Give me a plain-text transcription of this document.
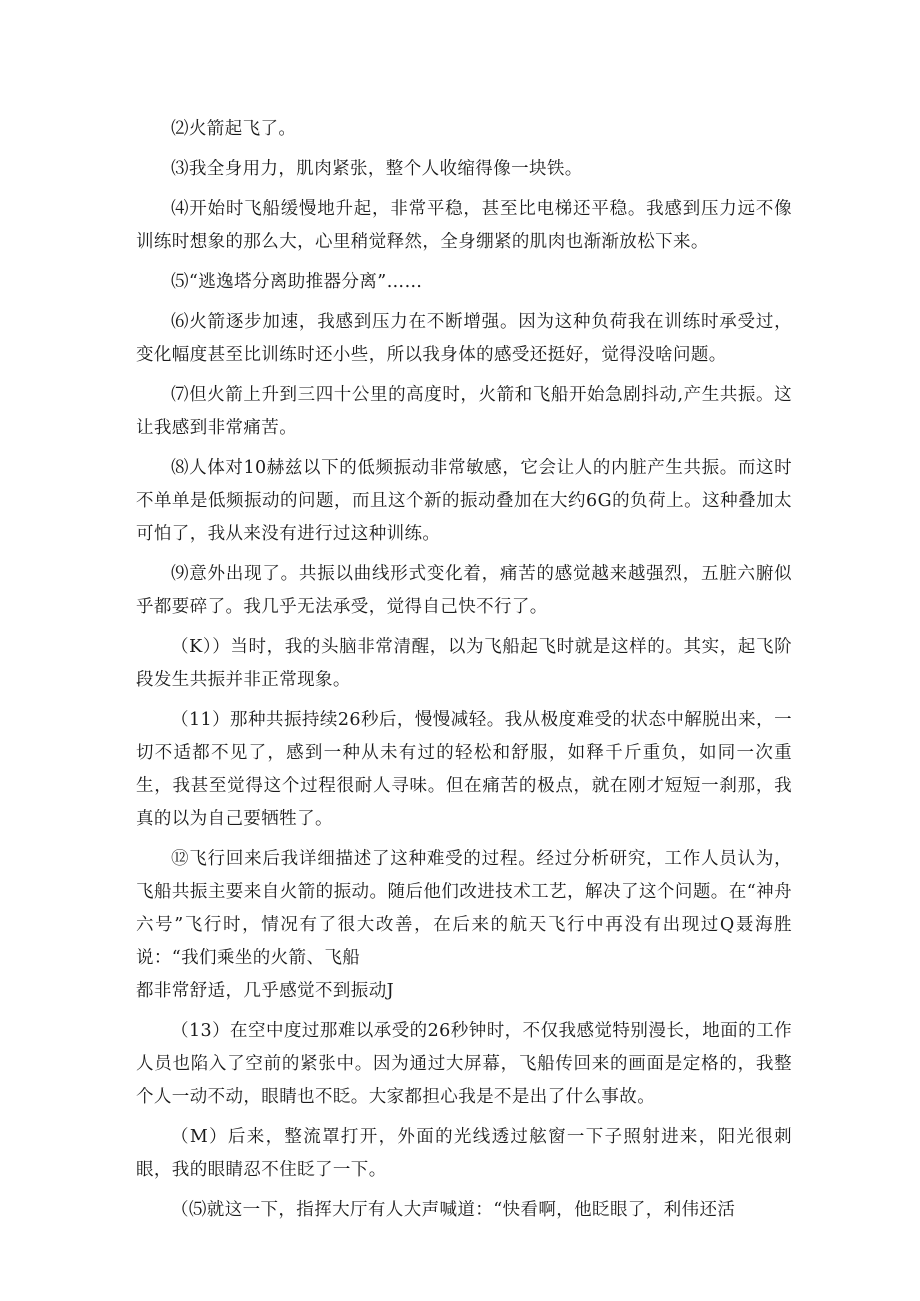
⑵火箭起飞了。

⑶我全身用力，肌肉紧张，整个人收缩得像一块铁。

⑷开始时飞船缓慢地升起，非常平稳，甚至比电梯还平稳。我感到压力远不像训练时想象的那么大，心里稍觉释然，全身绷紧的肌肉也渐渐放松下来。

⑸“逃逸塔分离助推器分离”……

⑹火箭逐步加速，我感到压力在不断增强。因为这种负荷我在训练时承受过，变化幅度甚至比训练时还小些，所以我身体的感受还挺好，觉得没啥问题。

⑺但火箭上升到三四十公里的高度时，火箭和飞船开始急剧抖动,产生共振。这让我感到非常痛苦。

⑻人体对10赫兹以下的低频振动非常敏感，它会让人的内脏产生共振。而这时不单单是低频振动的问题，而且这个新的振动叠加在大约6G的负荷上。这种叠加太可怕了，我从来没有进行过这种训练。

⑼意外出现了。共振以曲线形式变化着，痛苦的感觉越来越强烈，五脏六腑似乎都要碎了。我几乎无法承受，觉得自己快不行了。

（K））当时，我的头脑非常清醒，以为飞船起飞时就是这样的。其实，起飞阶段发生共振并非正常现象。

（11）那种共振持续26秒后，慢慢减轻。我从极度难受的状态中解脱出来，一切不适都不见了，感到一种从未有过的轻松和舒服，如释千斤重负，如同一次重生，我甚至觉得这个过程很耐人寻味。但在痛苦的极点，就在刚才短短一刹那，我真的以为自己要牺牲了。

⑫飞行回来后我详细描述了这种难受的过程。经过分析研究，工作人员认为，飞船共振主要来自火箭的振动。随后他们改进技术工艺，解决了这个问题。在“神舟六号”飞行时，情况有了很大改善，在后来的航天飞行中再没有出现过Q聂海胜说：“我们乘坐的火箭、飞船

都非常舒适，几乎感觉不到振动J

（13）在空中度过那难以承受的26秒钟时，不仅我感觉特别漫长，地面的工作人员也陷入了空前的紧张中。因为通过大屏幕，飞船传回来的画面是定格的，我整个人一动不动，眼睛也不眨。大家都担心我是不是出了什么事故。

（M）后来，整流罩打开，外面的光线透过舷窗一下子照射进来，阳光很刺眼，我的眼睛忍不住眨了一下。

（⑸就这一下，指挥大厅有人大声喊道：“快看啊，他眨眼了，利伟还活
